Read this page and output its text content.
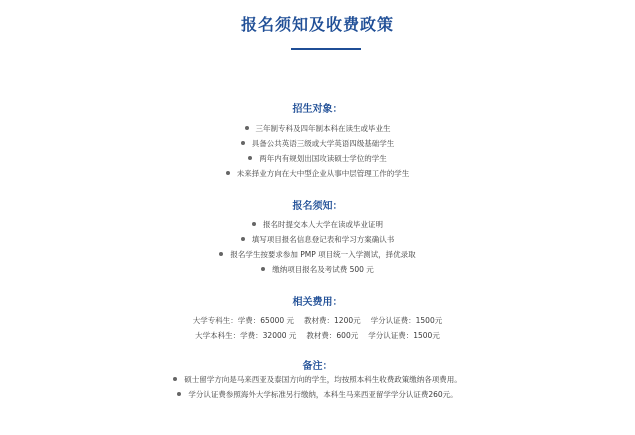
报名须知及收费政策
招生对象：
三年制专科及四年制本科在读生或毕业生
具备公共英语三级或大学英语四级基础学生
两年内有规划出国攻读硕士学位的学生
未来择业方向在大中型企业从事中层管理工作的学生
报名须知：
报名时提交本人大学在读或毕业证明
填写项目报名信息登记表和学习方案确认书
报名学生按要求参加 PMP 项目统一入学测试，择优录取
缴纳项目报名及考试费 500 元
相关费用：
大学专科生：学费：65000 元 教材费：1200元 学分认证费：1500元
大学本科生：学费：32000 元 教材费：600元 学分认证费：1500元
备注：
硕士留学方向是马来西亚及泰国方向的学生，均按照本科生收费政策缴纳各项费用。
学分认证费参照海外大学标准另行缴纳，本科生马来西亚留学学分认证费260元。
